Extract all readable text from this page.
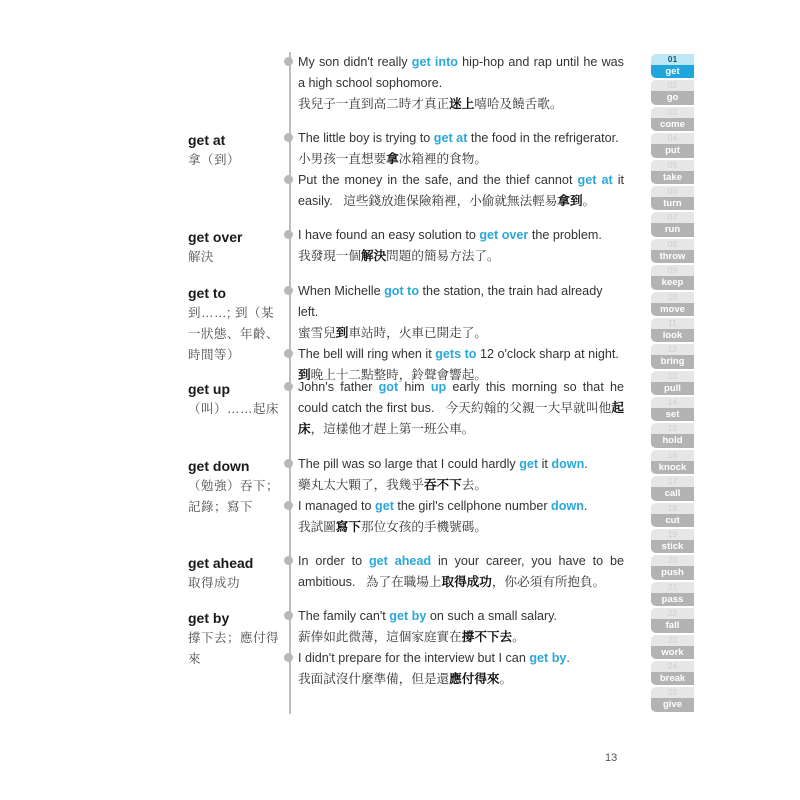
My son didn't really get into hip-hop and rap until he was a high school sophomore.

我兒子一直到高二時才真正迷上嘻哈及饒舌歌。

get at
拿（到）

The little boy is trying to get at the food in the refrigerator.

小男孩一直想要拿冰箱裡的食物。

Put the money in the safe, and the thief cannot get at it easily.   這些錢放進保險箱裡，小偷就無法輕易拿到。

get over
解決

I have found an easy solution to get over the problem.

我發現一個解決問題的簡易方法了。

get to
到……; 到（某一狀態、年齡、時間等）

When Michelle got to the station, the train had already left.

蜜雪兒到車站時，火車已開走了。

The bell will ring when it gets to 12 o'clock sharp at night.

到晚上十二點整時，鈴聲會響起。

get up
（叫）……起床

John's father got him up early this morning so that he could catch the first bus.   今天約翰的父親一大早就叫他起床，這樣他才趕上第一班公車。

get down
（勉強）吞下；記錄；寫下

The pill was so large that I could hardly get it down.

藥丸太大顆了，我幾乎吞不下去。

I managed to get the girl's cellphone number down.

我試圖寫下那位女孩的手機號碼。

get ahead
取得成功

In order to get ahead in your career, you have to be ambitious.   為了在職場上取得成功，你必須有所抱負。

get by
撐下去；應付得來

The family can't get by on such a small salary.

薪俸如此微薄，這個家庭實在撐不下去。

I didn't prepare for the interview but I can get by.

我面試沒什麼準備，但是還應付得來。

01
get
02
go
03
come
04
put
05
take
06
turn
07
run
08
throw
09
keep
10
move
11
look
12
bring
13
pull
14
set
15
hold
16
knock
17
call
18
cut
19
stick
20
push
21
pass
22
fall
23
work
24
break
25
give
13
